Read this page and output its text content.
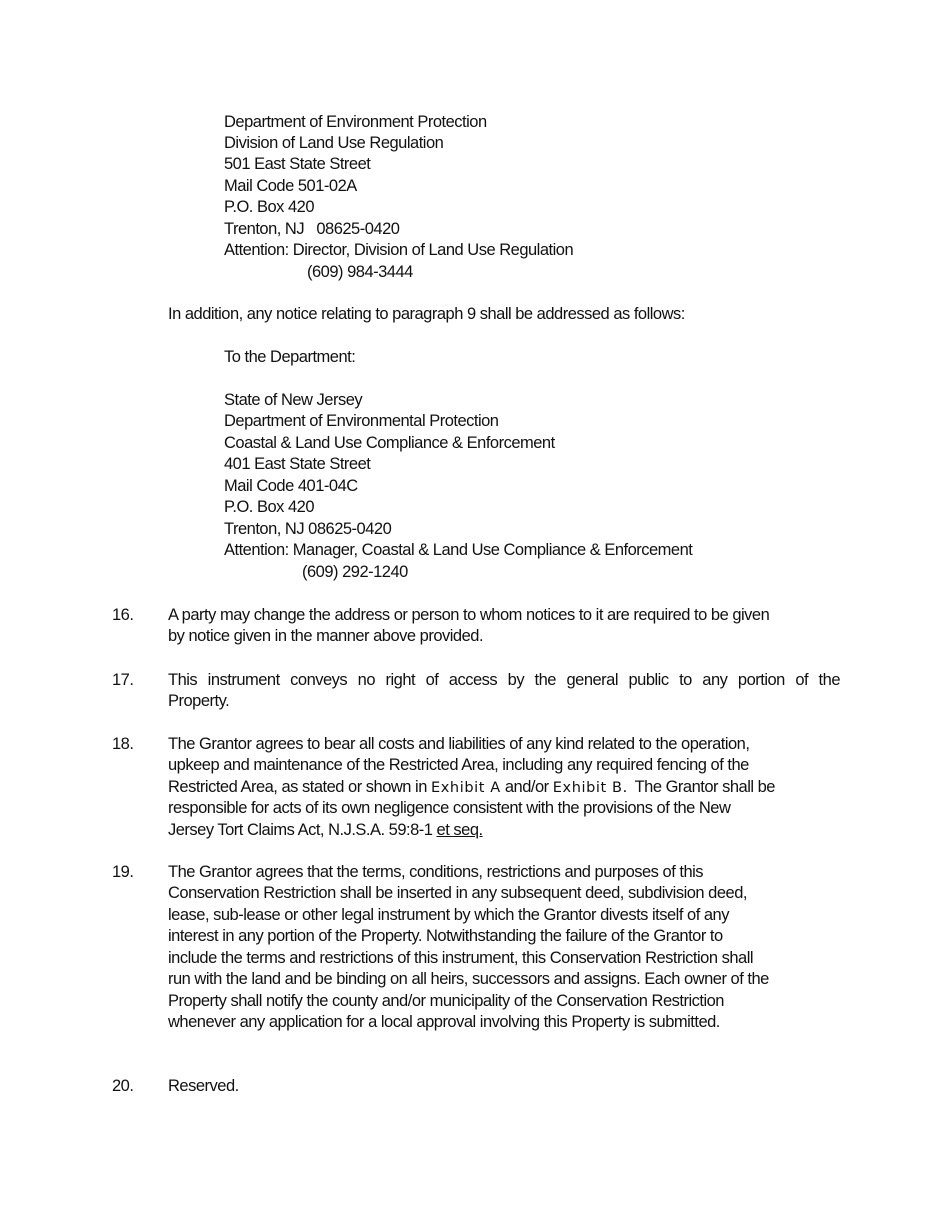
Department of Environment Protection
Division of Land Use Regulation
501 East State Street
Mail Code 501-02A
P.O. Box 420
Trenton, NJ   08625-0420
Attention: Director, Division of Land Use Regulation
(609) 984-3444
In addition, any notice relating to paragraph 9 shall be addressed as follows:
To the Department:
State of New Jersey
Department of Environmental Protection
Coastal & Land Use Compliance & Enforcement
401 East State Street
Mail Code 401-04C
P.O. Box 420
Trenton, NJ 08625-0420
Attention: Manager, Coastal & Land Use Compliance & Enforcement
(609) 292-1240
16. A party may change the address or person to whom notices to it are required to be given
by notice given in the manner above provided.
17. This instrument conveys no right of access by the general public to any portion of the
Property.
18. The Grantor agrees to bear all costs and liabilities of any kind related to the operation,
upkeep and maintenance of the Restricted Area, including any required fencing of the
Restricted Area, as stated or shown in Exhibit A and/or Exhibit B.  The Grantor shall be
responsible for acts of its own negligence consistent with the provisions of the New
Jersey Tort Claims Act, N.J.S.A. 59:8-1 et seq.
19. The Grantor agrees that the terms, conditions, restrictions and purposes of this
Conservation Restriction shall be inserted in any subsequent deed, subdivision deed,
lease, sub-lease or other legal instrument by which the Grantor divests itself of any
interest in any portion of the Property. Notwithstanding the failure of the Grantor to
include the terms and restrictions of this instrument, this Conservation Restriction shall
run with the land and be binding on all heirs, successors and assigns. Each owner of the
Property shall notify the county and/or municipality of the Conservation Restriction
whenever any application for a local approval involving this Property is submitted.
20. Reserved.
